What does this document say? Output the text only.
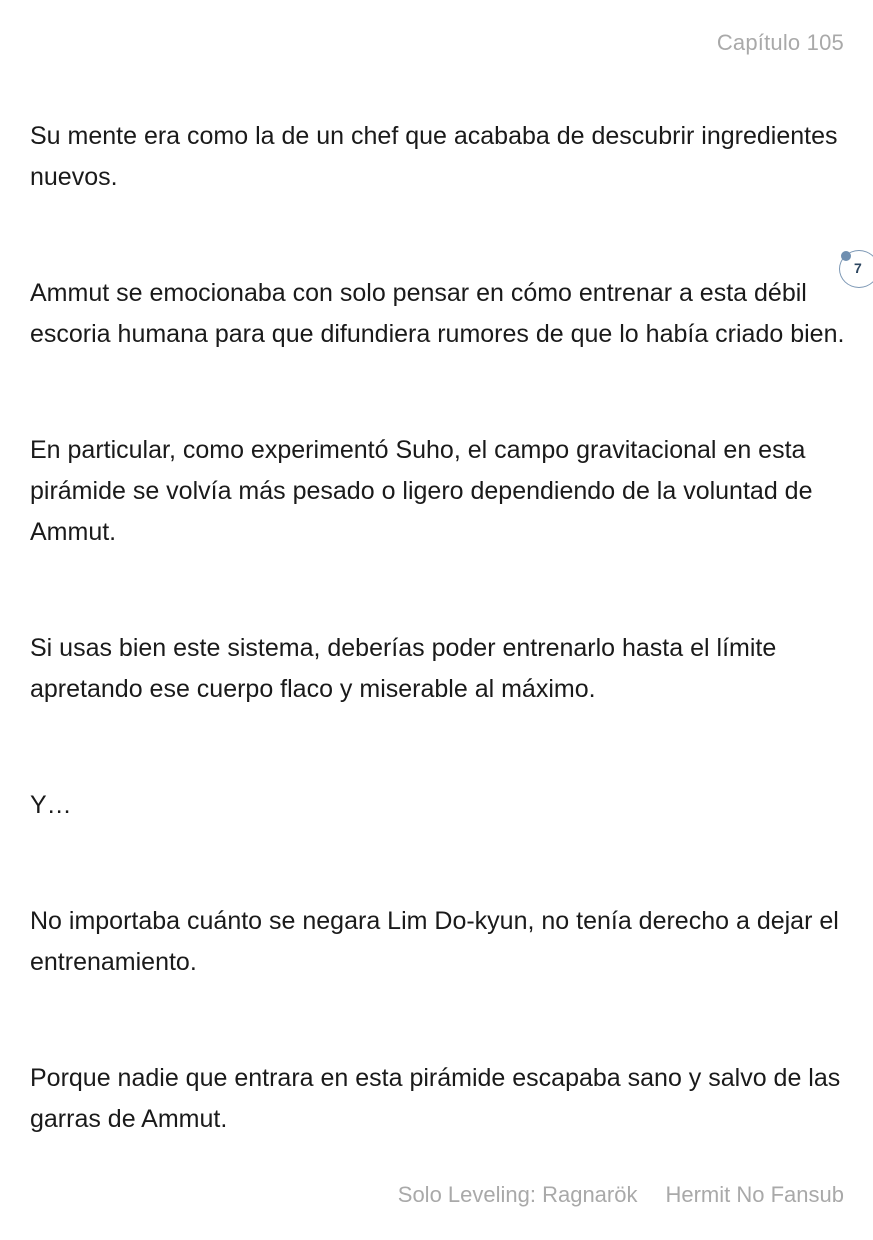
Capítulo 105

Su mente era como la de un chef que acababa de descubrir ingredientes nuevos.

Ammut se emocionaba con solo pensar en cómo entrenar a esta débil escoria humana para que difundiera rumores de que lo había criado bien.

En particular, como experimentó Suho, el campo gravitacional en esta pirámide se volvía más pesado o ligero dependiendo de la voluntad de Ammut.

Si usas bien este sistema, deberías poder entrenarlo hasta el límite apretando ese cuerpo flaco y miserable al máximo.

Y…

No importaba cuánto se negara Lim Do-kyun, no tenía derecho a dejar el entrenamiento.

Porque nadie que entrara en esta pirámide escapaba sano y salvo de las garras de Ammut.

7
Solo Leveling: Ragnarök Hermit No Fansub
